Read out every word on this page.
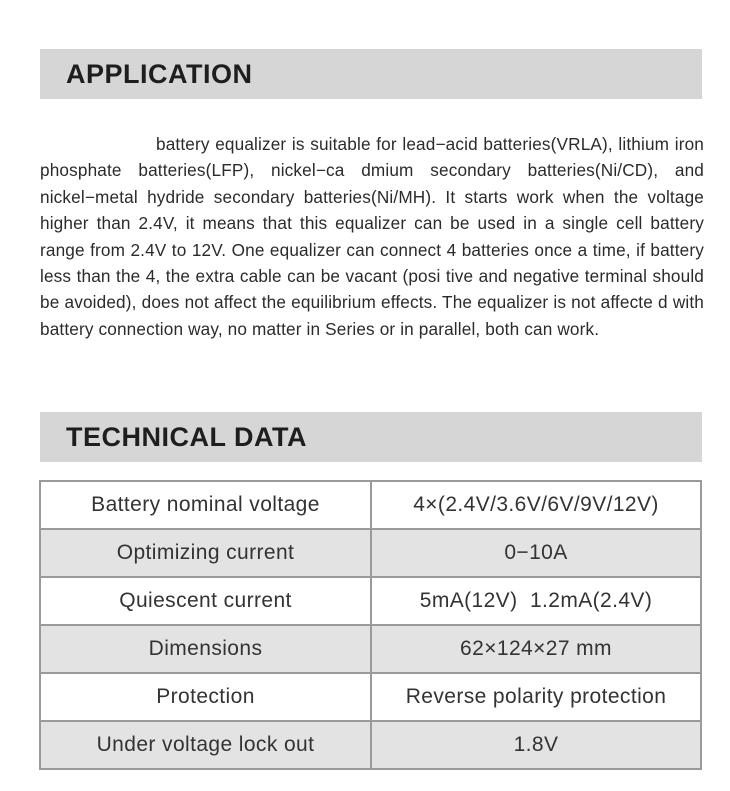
APPLICATION

battery equalizer is suitable for lead−acid batteries(VRLA), lithium iron phosphate batteries(LFP), nickel−ca dmium secondary batteries(Ni/CD), and nickel−metal hydride secondary batteries(Ni/MH). It starts work when the voltage higher than 2.4V, it means that this equalizer can be used in a single cell battery range from 2.4V to 12V. One equalizer can connect 4 batteries once a time, if battery less than the 4, the extra cable can be vacant (posi tive and negative terminal should be avoided), does not affect the equilibrium effects. The equalizer is not affecte d with battery connection way, no matter in Series or in parallel, both can work.

TECHNICAL DATA
Battery nominal voltage	4×(2.4V/3.6V/6V/9V/12V)
Optimizing current	0−10A
Quiescent current	5mA(12V)  1.2mA(2.4V)
Dimensions	62×124×27 mm
Protection	Reverse polarity protection
Under voltage lock out	1.8V
